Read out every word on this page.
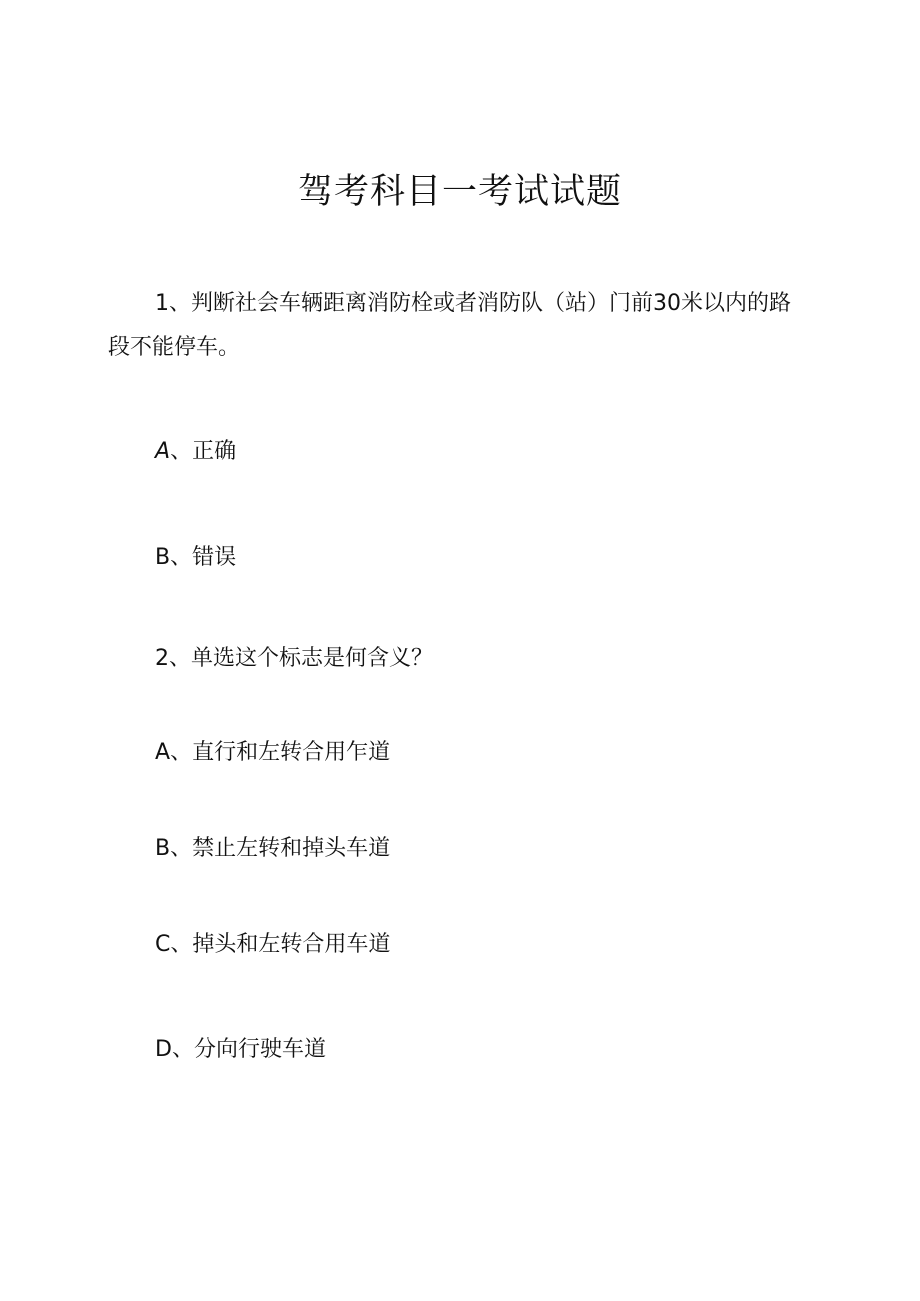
驾考科目一考试试题

1、判断社会车辆距离消防栓或者消防队（站）门前30米以内的路段不能停车。

A、正确

B、错误

2、单选这个标志是何含义？

A、直行和左转合用乍道

B、禁止左转和掉头车道

C、掉头和左转合用车道

D、分向行驶车道
